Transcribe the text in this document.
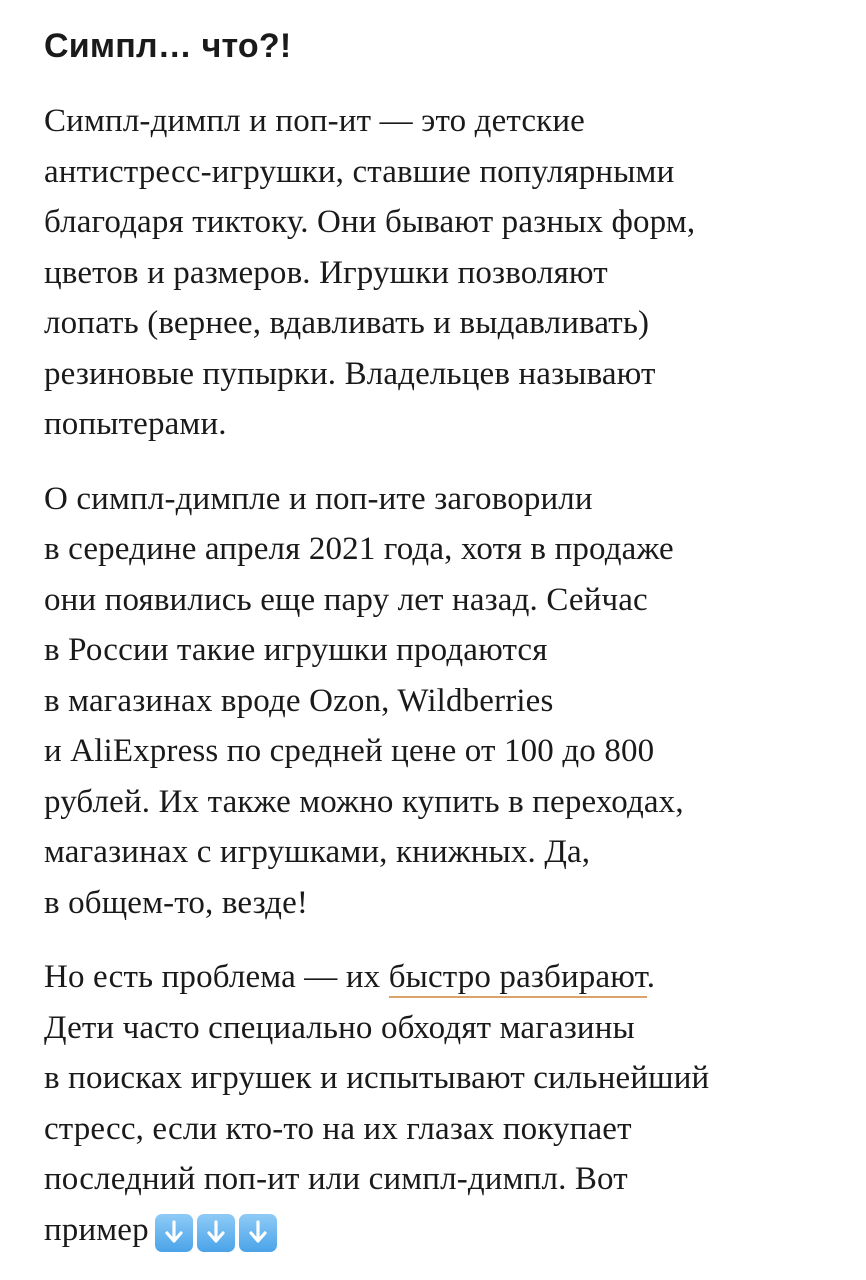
Симпл… что?!

Симпл-димпл и поп-ит — это детские
антистресс-игрушки, ставшие популярными
благодаря тиктоку. Они бывают разных форм,
цветов и размеров. Игрушки позволяют
лопать (вернее, вдавливать и выдавливать)
резиновые пупырки. Владельцев называют
попытерами.

О симпл-димпле и поп-ите заговорили
в середине апреля 2021 года, хотя в продаже
они появились еще пару лет назад. Сейчас
в России такие игрушки продаются
в магазинах вроде Ozon, Wildberries
и AliExpress по средней цене от 100 до 800
рублей. Их также можно купить в переходах,
магазинах с игрушками, книжных. Да,
в общем-то, везде!

Но есть проблема — их быстро разбирают.
Дети часто специально обходят магазины
в поисках игрушек и испытывают сильнейший
стресс, если кто-то на их глазах покупает
последний поп-ит или симпл-димпл. Вот
пример
